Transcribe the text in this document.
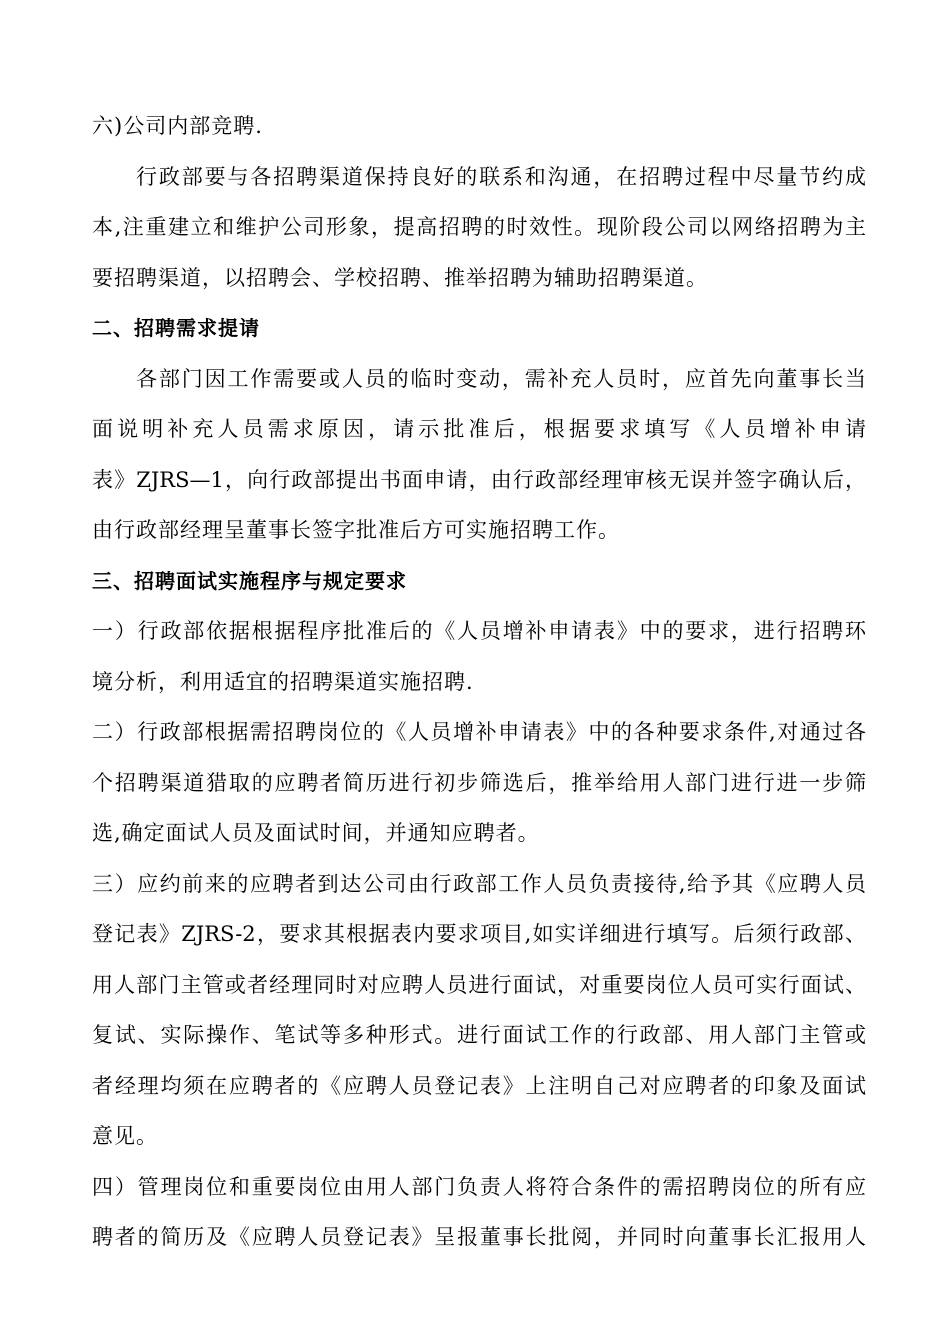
六)公司内部竞聘.
行政部要与各招聘渠道保持良好的联系和沟通，在招聘过程中尽量节约成
本,注重建立和维护公司形象，提高招聘的时效性。现阶段公司以网络招聘为主
要招聘渠道，以招聘会、学校招聘、推举招聘为辅助招聘渠道。
二、招聘需求提请
各部门因工作需要或人员的临时变动，需补充人员时，应首先向董事长当
面说明补充人员需求原因，请示批准后，根据要求填写《人员增补申请
表》ZJRS—1，向行政部提出书面申请，由行政部经理审核无误并签字确认后，
由行政部经理呈董事长签字批准后方可实施招聘工作。
三、招聘面试实施程序与规定要求
一）行政部依据根据程序批准后的《人员增补申请表》中的要求，进行招聘环
境分析，利用适宜的招聘渠道实施招聘.
二）行政部根据需招聘岗位的《人员增补申请表》中的各种要求条件,对通过各
个招聘渠道猎取的应聘者简历进行初步筛选后，推举给用人部门进行进一步筛
选,确定面试人员及面试时间，并通知应聘者。
三）应约前来的应聘者到达公司由行政部工作人员负责接待,给予其《应聘人员
登记表》ZJRS-2，要求其根据表内要求项目,如实详细进行填写。后须行政部、
用人部门主管或者经理同时对应聘人员进行面试，对重要岗位人员可实行面试、
复试、实际操作、笔试等多种形式。进行面试工作的行政部、用人部门主管或
者经理均须在应聘者的《应聘人员登记表》上注明自己对应聘者的印象及面试
意见。
四）管理岗位和重要岗位由用人部门负责人将符合条件的需招聘岗位的所有应
聘者的简历及《应聘人员登记表》呈报董事长批阅，并同时向董事长汇报用人
